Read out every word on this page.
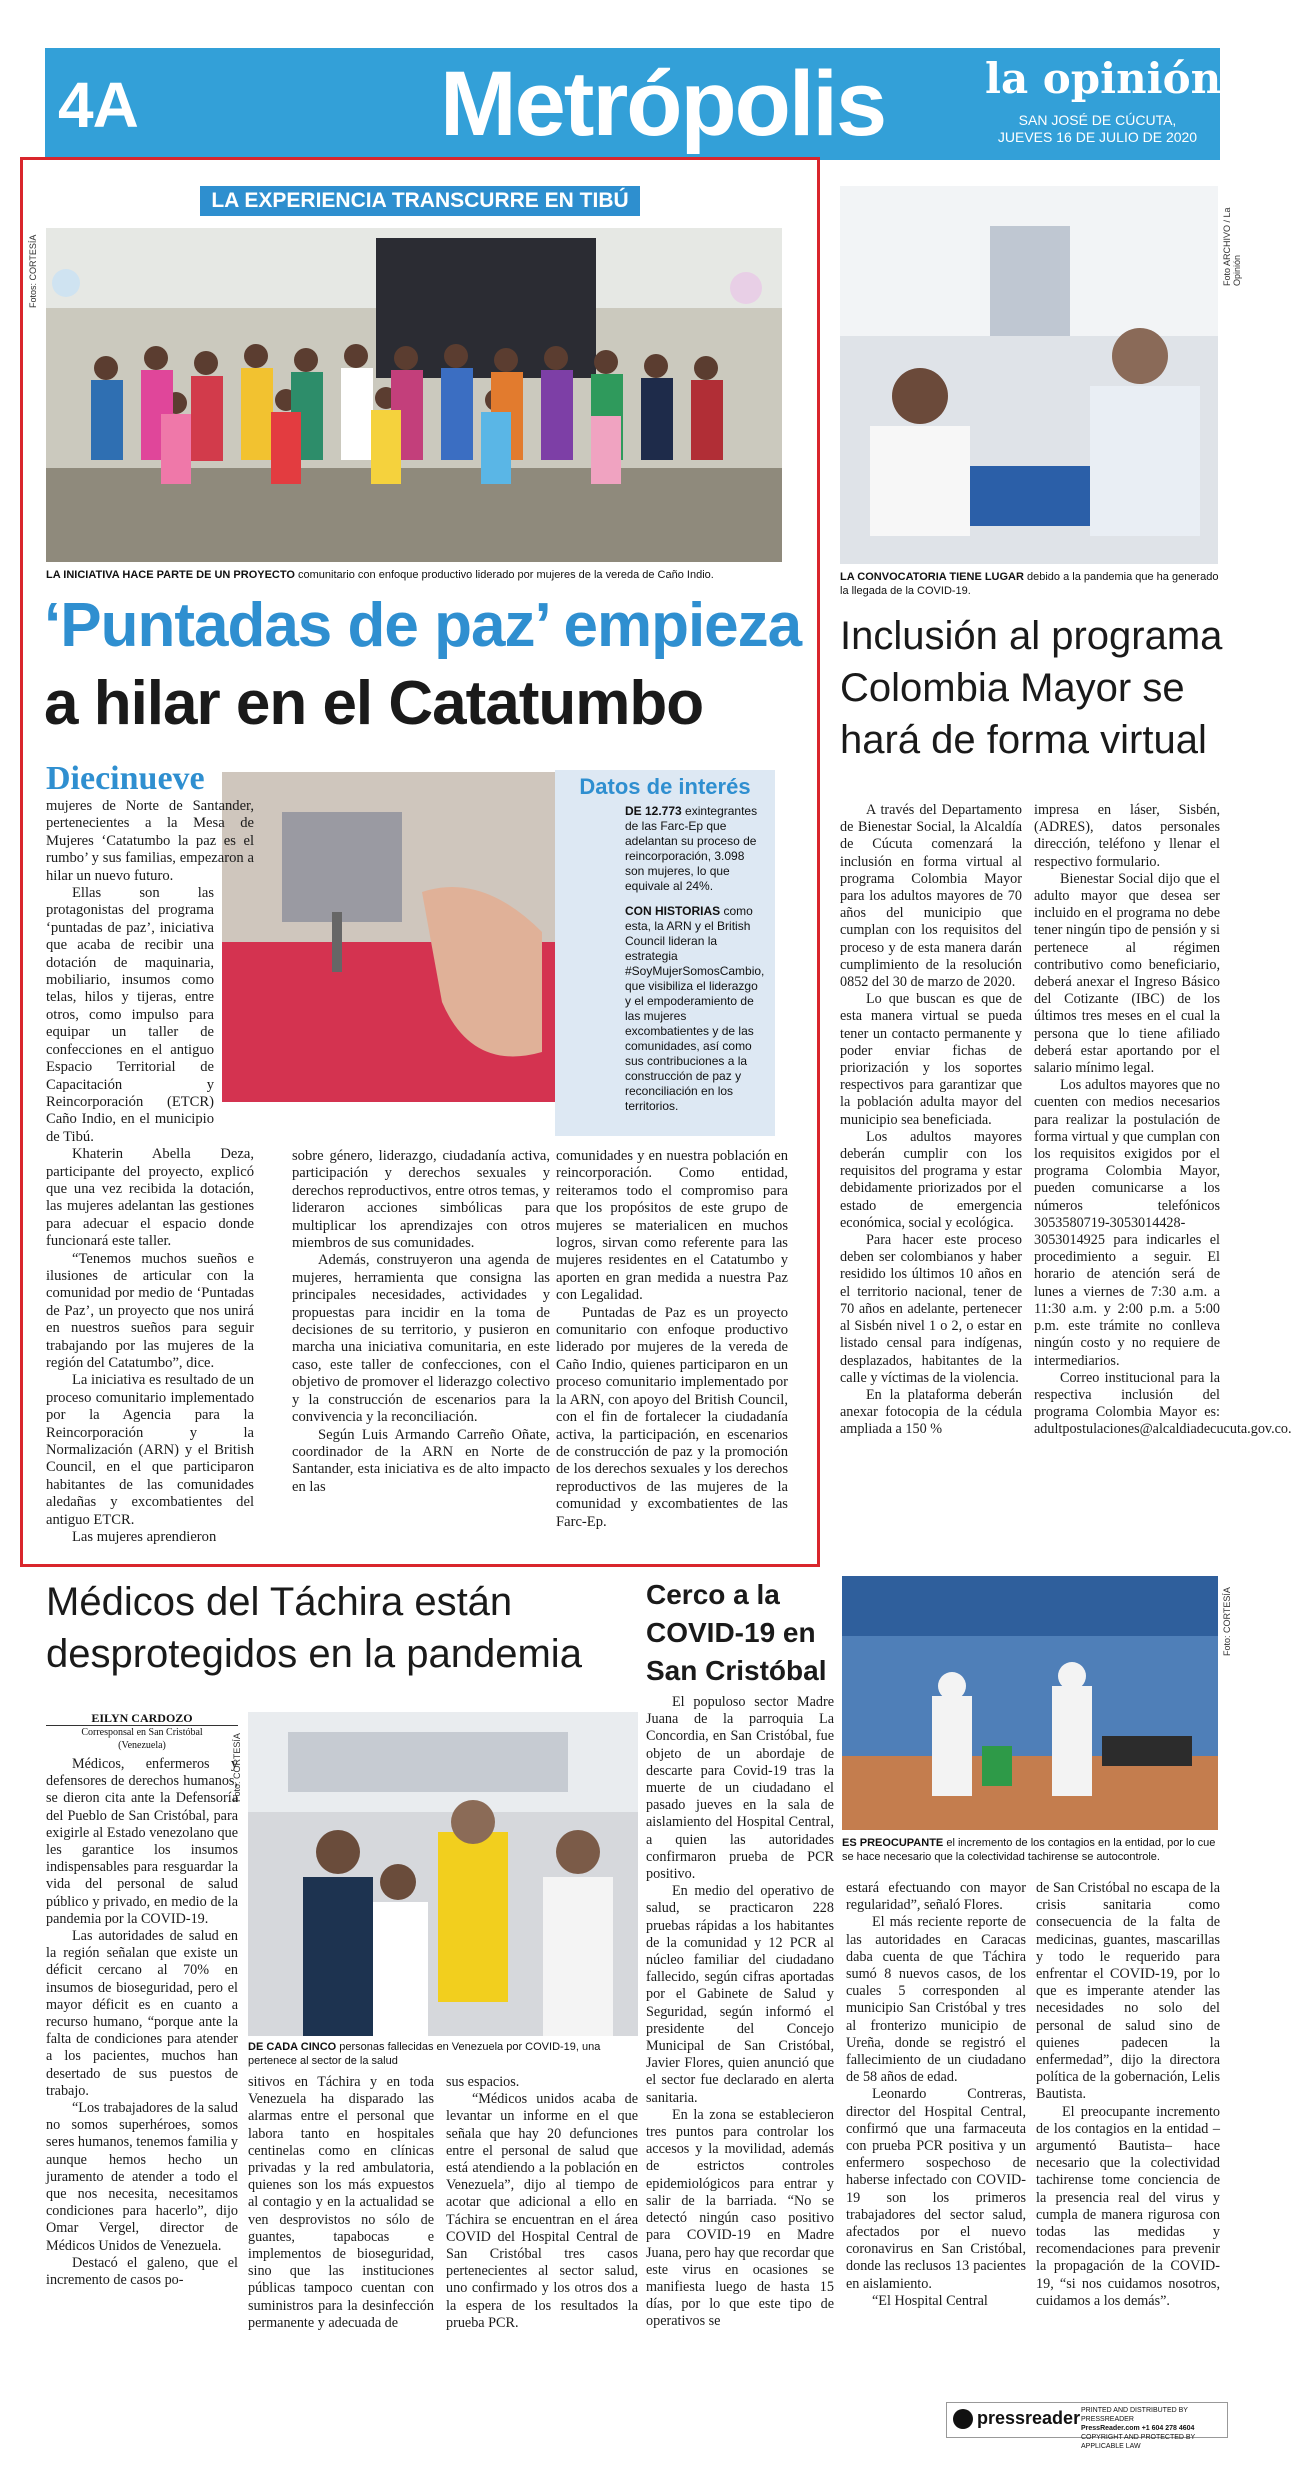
4A	Metrópolis la opinión
SAN JOSÉ DE CÚCUTA,
JUEVES 16 DE JULIO DE 2020
LA EXPERIENCIA TRANSCURRE EN TIBÚ
Fotos: CORTESÍA
LA INICIATIVA HACE PARTE DE UN PROYECTO comunitario con enfoque productivo liderado por mujeres de la vereda de Caño Indio.
‘Puntadas de paz’ empieza
a hilar en el Catatumbo
Diecinueve	Datos de interés
DE 12.773 exintegrantes de las Farc-Ep que adelantan su proceso de reincorporación, 3.098 son mujeres, lo que equivale al 24%.
CON HISTORIAS como esta, la ARN y el British Council lideran la estrategia #SoyMujerSomosCambio, que visibiliza el liderazgo y el empoderamiento de las mujeres excombatientes y de las comunidades, así como sus contribuciones a la construcción de paz y reconciliación en los territorios.

mujeres de Norte de Santander, pertenecientes a la Mesa de Mujeres ‘Catatumbo la paz es el rumbo’ y sus familias, empezaron a hilar un nuevo futuro.

Ellas son las protagonistas del programa ‘puntadas de paz’, iniciativa que acaba de recibir una dotación de maquinaria, mobiliario, insumos como telas, hilos y tijeras, entre otros, como impulso para equipar un taller de confecciones en el antiguo Espacio Territorial de Capacitación y Reincorporación (ETCR) Caño Indio, en el municipio de Tibú.

Khaterin Abella Deza, participante del proyecto, explicó que una vez recibida la dotación, las mujeres adelantan las gestiones para adecuar el espacio donde funcionará este taller.

“Tenemos muchos sueños e ilusiones de articular con la comunidad por medio de ‘Puntadas de Paz’, un proyecto que nos unirá en nuestros sueños para seguir trabajando por las mujeres de la región del Catatumbo”, dice.

La iniciativa es resultado de un proceso comunitario implementado por la Agencia para la Reincorporación y la Normalización (ARN) y el British Council, en el que participaron habitantes de las comunidades aledañas y excombatientes del antiguo ETCR.

Las mujeres aprendieron

sobre género, liderazgo, ciudadanía activa, participación y derechos sexuales y derechos reproductivos, entre otros temas, y lideraron acciones simbólicas para multiplicar los aprendizajes con otros miembros de sus comunidades.

Además, construyeron una agenda de mujeres, herramienta que consigna las principales necesidades, actividades y propuestas para incidir en la toma de decisiones de su territorio, y pusieron en marcha una iniciativa comunitaria, en este caso, este taller de confecciones, con el objetivo de promover el liderazgo colectivo y la construcción de escenarios para la convivencia y la reconciliación.

Según Luis Armando Carreño Oñate, coordinador de la ARN en Norte de Santander, esta iniciativa es de alto impacto en las

comunidades y en nuestra población en reincorporación. Como entidad, reiteramos todo el compromiso para que los propósitos de este grupo de mujeres se materialicen en muchos logros, sirvan como referente para las mujeres residentes en el Catatumbo y aporten en gran medida a nuestra Paz con Legalidad.

Puntadas de Paz es un proyecto comunitario con enfoque productivo liderado por mujeres de la vereda de Caño Indio, quienes participaron en un proceso comunitario implementado por la ARN, con apoyo del British Council, con el fin de fortalecer la ciudadanía activa, la participación, en escenarios de construcción de paz y la promoción de los derechos sexuales y los derechos reproductivos de las mujeres de la comunidad y excombatientes de las Farc-Ep.

Foto ARCHIVO / La Opinión
LA CONVOCATORIA TIENE LUGAR debido a la pandemia que ha generado la llegada de la COVID-19.
Inclusión al programa Colombia Mayor se hará de forma virtual

A través del Departamento de Bienestar Social, la Alcaldía de Cúcuta comenzará la inclusión en forma virtual al programa Colombia Mayor para los adultos mayores de 70 años del municipio que cumplan con los requisitos del proceso y de esta manera darán cumplimiento de la resolución 0852 del 30 de marzo de 2020.

Lo que buscan es que de esta manera virtual se pueda tener un contacto permanente y poder enviar fichas de priorización y los soportes respectivos para garantizar que la población adulta mayor del municipio sea beneficiada.

Los adultos mayores deberán cumplir con los requisitos del programa y estar debidamente priorizados por el estado de emergencia económica, social y ecológica.

Para hacer este proceso deben ser colombianos y haber residido los últimos 10 años en el territorio nacional, tener de 70 años en adelante, pertenecer al Sisbén nivel 1 o 2, o estar en listado censal para indígenas, desplazados, habitantes de la calle y víctimas de la violencia.

En la plataforma deberán anexar fotocopia de la cédula ampliada a 150 %

impresa en láser, Sisbén, (ADRES), datos personales dirección, teléfono y llenar el respectivo formulario.

Bienestar Social dijo que el adulto mayor que desea ser incluido en el programa no debe tener ningún tipo de pensión y si pertenece al régimen contributivo como beneficiario, deberá anexar el Ingreso Básico del Cotizante (IBC) de los últimos tres meses en el cual la persona que lo tiene afiliado deberá estar aportando por el salario mínimo legal.

Los adultos mayores que no cuenten con medios necesarios para realizar la postulación de forma virtual y que cumplan con los requisitos exigidos por el programa Colombia Mayor, pueden comunicarse a los números telefónicos 3053580719-3053014428-3053014925 para indicarles el procedimiento a seguir. El horario de atención será de lunes a viernes de 7:30 a.m. a 11:30 a.m. y 2:00 p.m. a 5:00 p.m. este trámite no conlleva ningún costo y no requiere de intermediarios.

Correo institucional para la respectiva inclusión del programa Colombia Mayor es: adultpostulaciones@alcaldiadecucuta.gov.co.

Médicos del Táchira están desprotegidos en la pandemia
EILYN CARDOZO
Corresponsal en San Cristóbal
(Venezuela)

Médicos, enfermeros y defensores de derechos humanos, se dieron cita ante la Defensoría del Pueblo de San Cristóbal, para exigirle al Estado venezolano que les garantice los insumos indispensables para resguardar la vida del personal de salud público y privado, en medio de la pandemia por la COVID-19.

Las autoridades de salud en la región señalan que existe un déficit cercano al 70% en insumos de bioseguridad, pero el mayor déficit es en cuanto a recurso humano, “porque ante la falta de condiciones para atender a los pacientes, muchos han desertado de sus puestos de trabajo.

“Los trabajadores de la salud no somos superhéroes, somos seres humanos, tenemos familia y aunque hemos hecho un juramento de atender a todo el que nos necesita, necesitamos condiciones para hacerlo”, dijo Omar Vergel, director de Médicos Unidos de Venezuela.

Destacó el galeno, que el incremento de casos po-

Foto: CORTESÍA
DE CADA CINCO personas fallecidas en Venezuela por COVID-19, una pertenece al sector de la salud

sitivos en Táchira y en toda Venezuela ha disparado las alarmas entre el personal que labora tanto en hospitales centinelas como en clínicas privadas y la red ambulatoria, quienes son los más expuestos al contagio y en la actualidad se ven desprovistos no sólo de guantes, tapabocas e implementos de bioseguridad, sino que las instituciones públicas tampoco cuentan con suministros para la desinfección permanente y adecuada de

sus espacios.

“Médicos unidos acaba de levantar un informe en el que señala que hay 20 defunciones entre el personal de salud que está atendiendo a la población en Venezuela”, dijo al tiempo de acotar que adicional a ello en Táchira se encuentran en el área COVID del Hospital Central de San Cristóbal tres casos pertenecientes al sector salud, uno confirmado y los otros dos a la espera de los resultados la prueba PCR.

Cerco a la COVID-19 en San Cristóbal
Foto: CORTESÍA
ES PREOCUPANTE el incremento de los contagios en la entidad, por lo cue se hace necesario que la colectividad tachirense se autocontrole.

El populoso sector Madre Juana de la parroquia La Concordia, en San Cristóbal, fue objeto de un abordaje de descarte para Covid-19 tras la muerte de un ciudadano el pasado jueves en la sala de aislamiento del Hospital Central, a quien las autoridades confirmaron prueba de PCR positivo.

En medio del operativo de salud, se practicaron 228 pruebas rápidas a los habitantes de la comunidad y 12 PCR al núcleo familiar del ciudadano fallecido, según cifras aportadas por el Gabinete de Salud y Seguridad, según informó el presidente del Concejo Municipal de San Cristóbal, Javier Flores, quien anunció que el sector fue declarado en alerta sanitaria.

En la zona se establecieron tres puntos para controlar los accesos y la movilidad, además de estrictos controles epidemiológicos para entrar y salir de la barriada. “No se detectó ningún caso positivo para COVID-19 en Madre Juana, pero hay que recordar que este virus en ocasiones se manifiesta luego de hasta 15 días, por lo que este tipo de operativos se

estará efectuando con mayor regularidad”, señaló Flores.

El más reciente reporte de las autoridades en Caracas daba cuenta de que Táchira sumó 8 nuevos casos, de los cuales 5 corresponden al municipio San Cristóbal y tres al fronterizo municipio de Ureña, donde se registró el fallecimiento de un ciudadano de 58 años de edad.

Leonardo Contreras, director del Hospital Central, confirmó que una farmaceuta con prueba PCR positiva y un enfermero sospechoso de haberse infectado con COVID-19 son los primeros trabajadores del sector salud, afectados por el nuevo coronavirus en San Cristóbal, donde las reclusos 13 pacientes en aislamiento.

“El Hospital Central

de San Cristóbal no escapa de la crisis sanitaria como consecuencia de la falta de medicinas, guantes, mascarillas y todo le requerido para enfrentar el COVID-19, por lo que es imperante atender las necesidades no solo del personal de salud sino de quienes padecen la enfermedad”, dijo la directora política de la gobernación, Lelis Bautista.

El preocupante incremento de los contagios en la entidad –argumentó Bautista– hace necesario que la colectividad tachirense tome conciencia de la presencia real del virus y cumpla de manera rigurosa con todas las medidas y recomendaciones para prevenir la propagación de la COVID-19, “si nos cuidamos nosotros, cuidamos a los demás”.

pressreader PRINTED AND DISTRIBUTED BY PRESSREADER
PressReader.com +1 604 278 4604
COPYRIGHT AND PROTECTED BY APPLICABLE LAW
